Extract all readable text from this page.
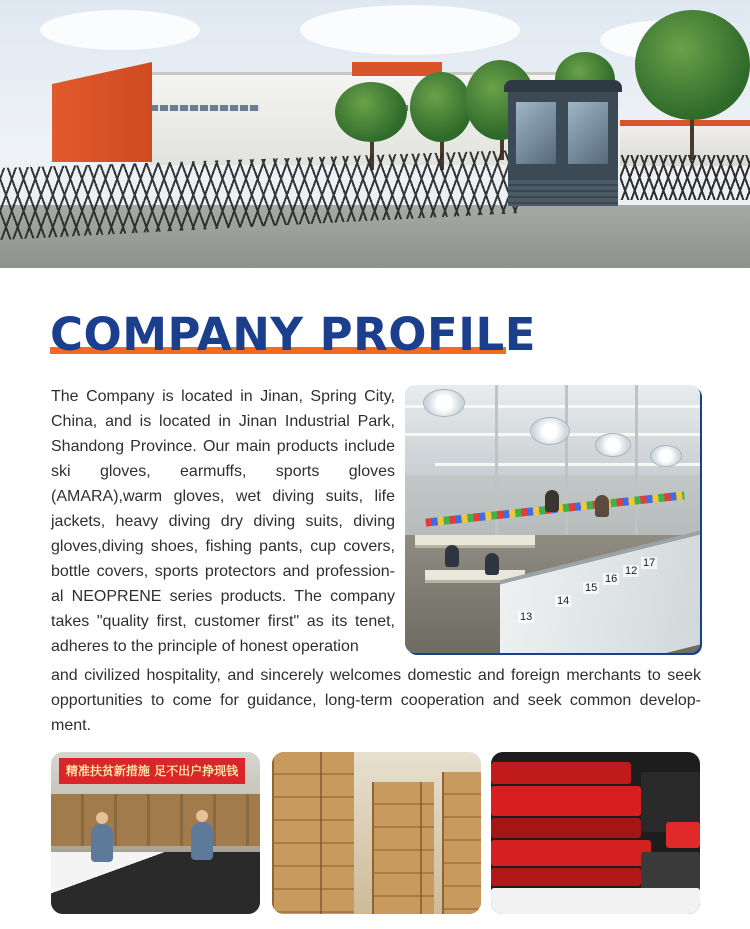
COMPANY PROFILE

The Company is located in Jinan, Spring City, China, and is located in Jinan Industrial Park, Shandong Province. Our main products include ski gloves, earmuffs, sports gloves (AMARA),warm gloves, wet diving suits, life jackets, heavy diving dry diving suits, diving gloves,diving shoes, fishing pants, cup covers, bottle covers, sports protectors and profession-al NEOPRENE series products. The company takes "quality first, customer first" as its tenet, adheres to the principle of honest operation

13
14
15
16
12
17

and civilized hospitality, and sincerely welcomes domestic and foreign merchants to seek opportunities to come for guidance, long-term cooperation and seek common develop-ment.

精准扶贫新措施 足不出户挣现钱
